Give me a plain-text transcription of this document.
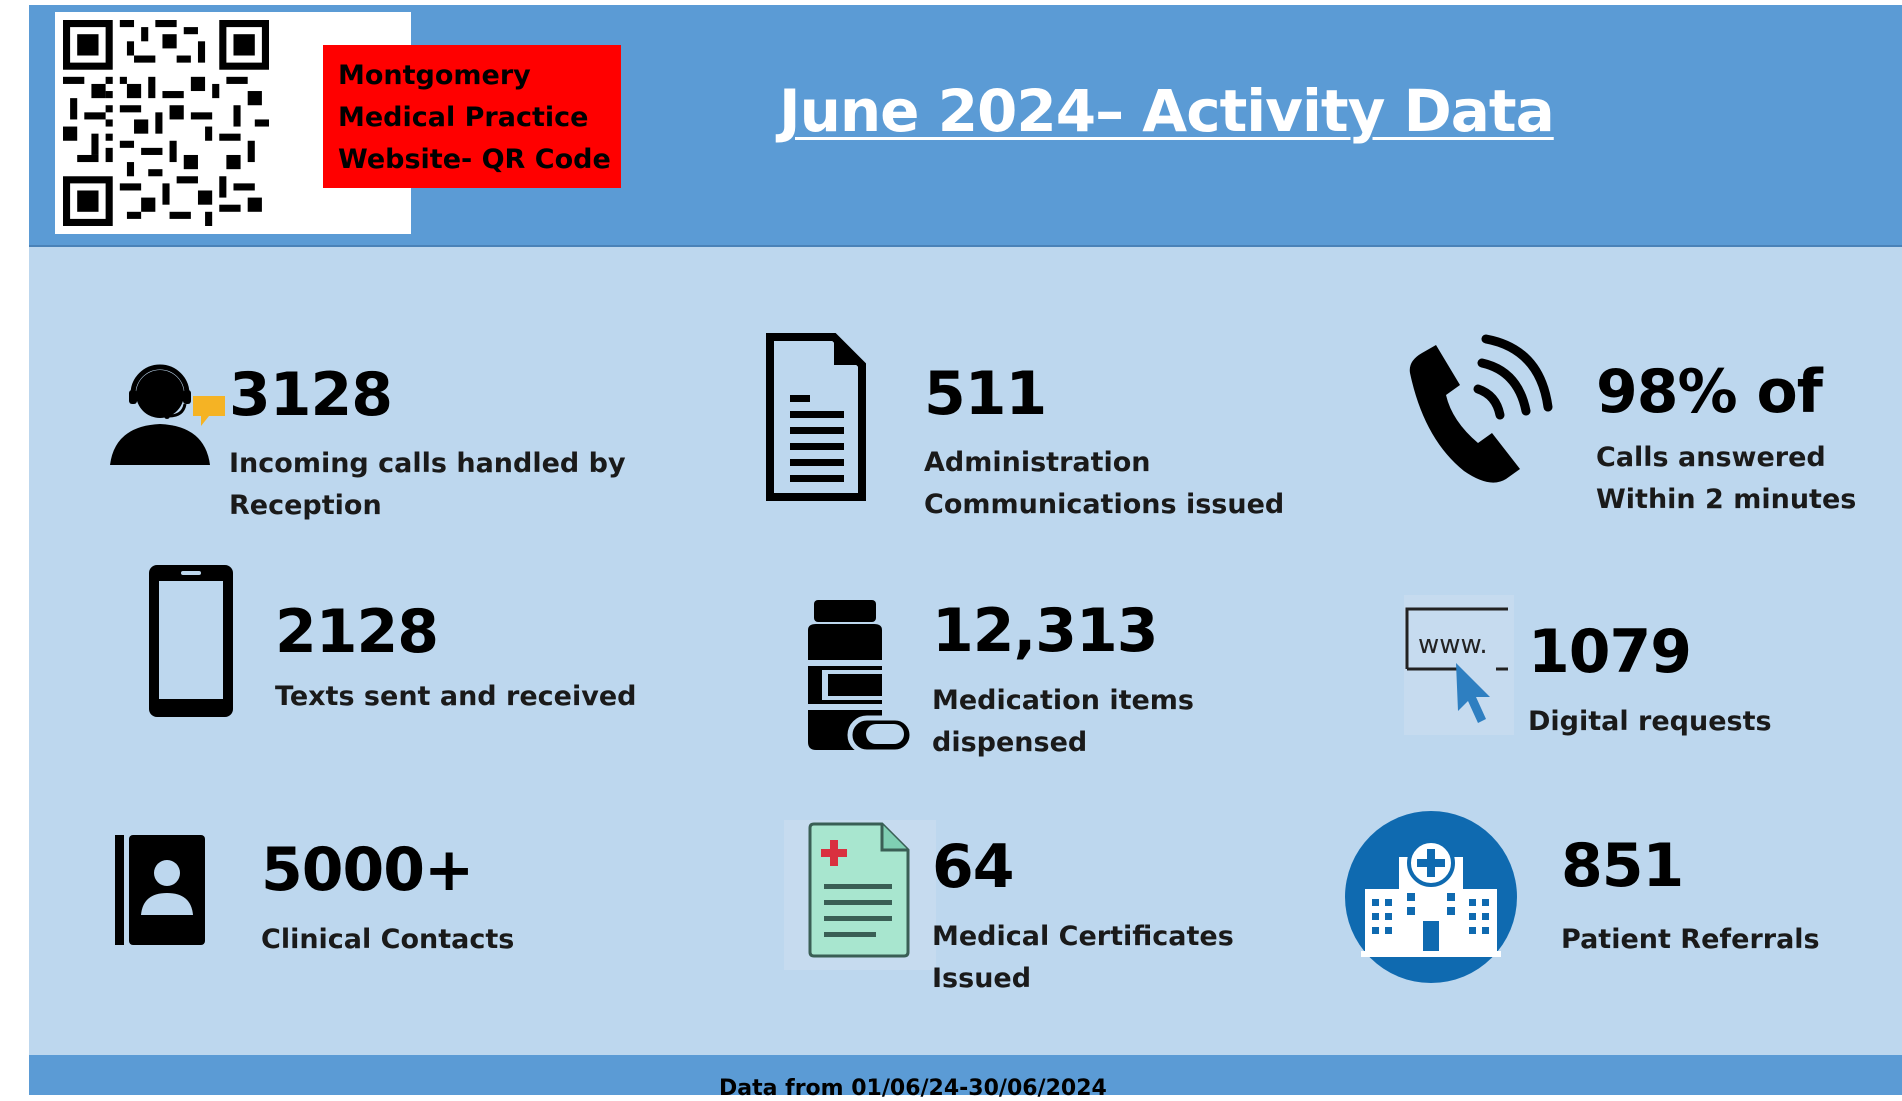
Montgomery
Medical Practice
Website- QR Code
June 2024– Activity Data
3128
Incoming calls handled by
Reception
511
Administration
Communications issued
98% of
Calls answered
Within 2 minutes
2128
Texts sent and received
12,313
Medication items
dispensed
www. 1079
Digital requests
5000+
Clinical Contacts
64
Medical Certificates
Issued
851
Patient Referrals
Data from 01/06/24-30/06/2024
